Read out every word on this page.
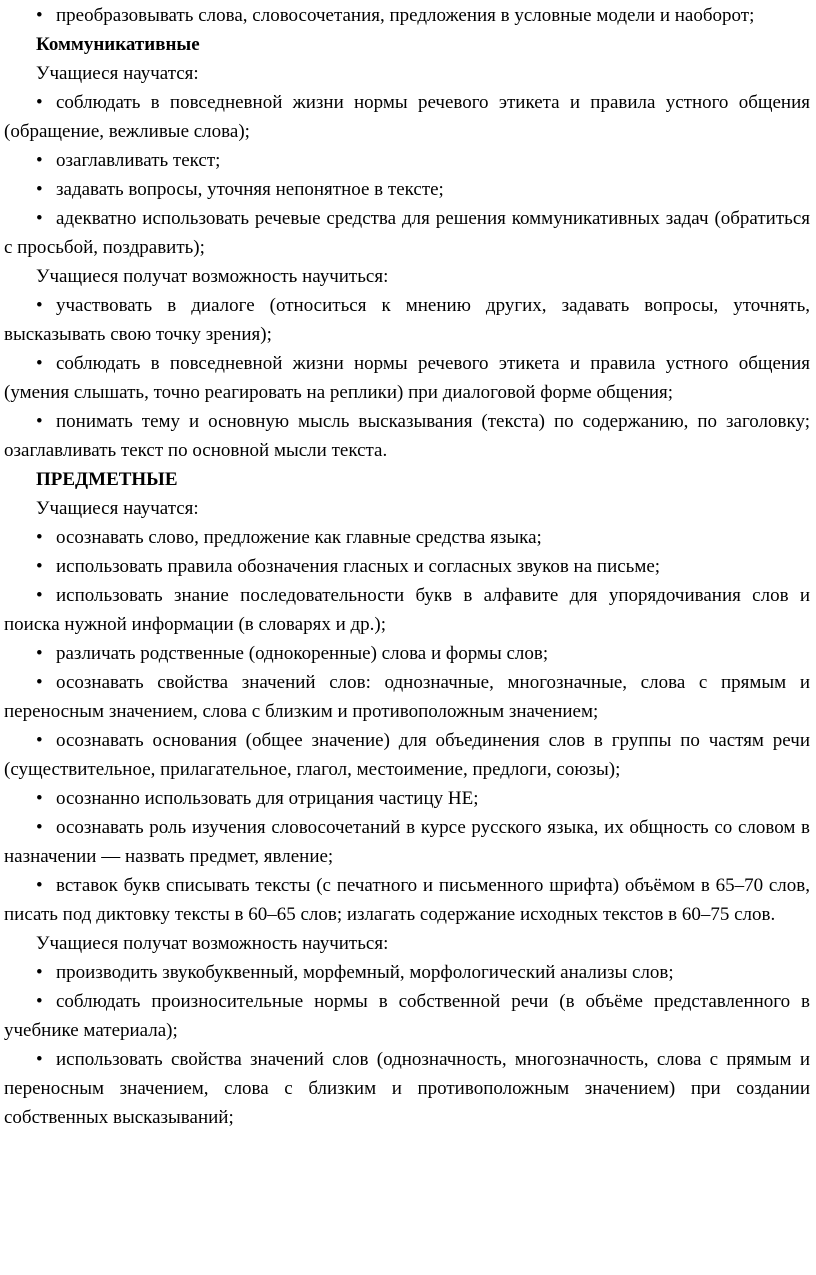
• преобразовывать слова, словосочетания, предложения в условные модели и наоборот;

Коммуникативные

Учащиеся научатся:

• соблюдать в повседневной жизни нормы речевого этикета и правила устного общения (обращение, вежливые слова);

• озаглавливать текст;

• задавать вопросы, уточняя непонятное в тексте;

• адекватно использовать речевые средства для решения коммуникативных задач (обратиться с просьбой, поздравить);

Учащиеся получат возможность научиться:

• участвовать в диалоге (относиться к мнению других, задавать вопросы, уточнять, высказывать свою точку зрения);

• соблюдать в повседневной жизни нормы речевого этикета и правила устного общения (умения слышать, точно реагировать на реплики) при диалоговой форме общения;

• понимать тему и основную мысль высказывания (текста) по содержанию, по заголовку; озаглавливать текст по основной мысли текста.

ПРЕДМЕТНЫЕ

Учащиеся научатся:

• осознавать слово, предложение как главные средства языка;

• использовать правила обозначения гласных и согласных звуков на письме;

• использовать знание последовательности букв в алфавите для упорядочивания слов и поиска нужной информации (в словарях и др.);

• различать родственные (однокоренные) слова и формы слов;

• осознавать свойства значений слов: однозначные, многозначные, слова с прямым и переносным значением, слова с близким и противоположным значением;

• осознавать основания (общее значение) для объединения слов в группы по частям речи (существительное, прилагательное, глагол, местоимение, предлоги, союзы);

• осознанно использовать для отрицания частицу НЕ;

• осознавать роль изучения словосочетаний в курсе русского языка, их общность со словом в назначении — назвать предмет, явление;

• вставок букв списывать тексты (с печатного и письменного шрифта) объёмом в 65–70 слов, писать под диктовку тексты в 60–65 слов; излагать содержание исходных текстов в 60–75 слов.

Учащиеся получат возможность научиться:

• производить звукобуквенный, морфемный, морфологический анализы слов;

• соблюдать произносительные нормы в собственной речи (в объёме представленного в учебнике материала);

• использовать свойства значений слов (однозначность, многозначность, слова с прямым и переносным значением, слова с близким и противоположным значением) при создании собственных высказываний;
